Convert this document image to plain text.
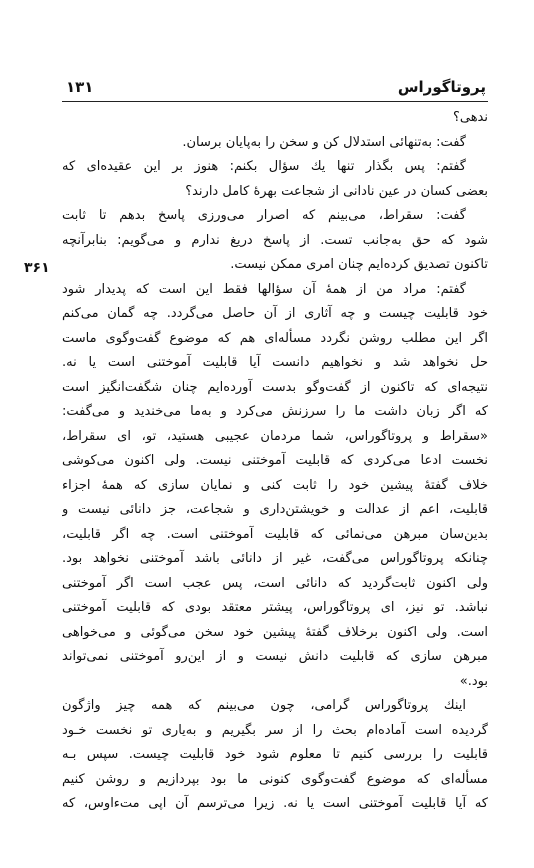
پروتاگوراس
۱۳۱
۳۶۱
ندهی؟
گفت: به‌تنهائی استدلال کن و سخن را به‌پایان برسان.
گفتم: پس بگذار تنها یك سؤال بکنم: هنوز بر این عقیده‌ای که
بعضی کسان در عین نادانی از شجاعت بهرهٔ کامل دارند؟
گفت: سقراط، می‌بینم که اصرار می‌ورزی پاسخ بدهم تا ثابت
شود که حق به‌جانب تست. از پاسخ دریغ ندارم و می‌گویم: بنابرآنچه
تاکنون تصدیق کرده‌ایم چنان امری ممکن نیست.
گفتم: مراد من از همهٔ آن سؤالها فقط این است که پدیدار شود
خود قابلیت چیست و چه آثاری از آن حاصل می‌گردد. چه گمان می‌کنم
اگر این مطلب روشن نگردد مسأله‌ای هم که موضوع گفت‌وگوی ماست
حل نخواهد شد و نخواهیم دانست آیا قابلیت آموختنی است یا نه.
نتیجه‌ای که تاکنون از گفت‌وگو بدست آورده‌ایم چنان شگفت‌انگیز است
که اگر زبان داشت ما را سرزنش می‌کرد و به‌ما می‌خندید و می‌گفت:
«سقراط و پروتاگوراس، شما مردمان عجیبی هستید، تو، ای سقراط،
نخست ادعا می‌کردی که قابلیت آموختنی نیست. ولی اکنون می‌کوشی
خلاف گفتهٔ پیشین خود را ثابت کنی و نمایان سازی که همهٔ اجزاء
قابلیت، اعم از عدالت و خویشتن‌داری و شجاعت، جز دانائی نیست و
بدین‌سان مبرهن می‌نمائی که قابلیت آموختنی است. چه اگر قابلیت،
چنانکه پروتاگوراس می‌گفت، غیر از دانائی باشد آموختنی نخواهد بود.
ولی اکنون ثابت‌گردید که دانائی است، پس عجب است اگر آموختنی
نباشد. تو نیز، ای پروتاگوراس، پیشتر معتقد بودی که قابلیت آموختنی
است. ولی اکنون برخلاف گفتهٔ پیشین خود سخن می‌گوئی و می‌خواهی
مبرهن سازی که قابلیت دانش نیست و از این‌رو آموختنی نمی‌تواند
بود.»
اینك پروتاگوراس گرامی، چون می‌بینم که همه چیز واژگون
گردیده است آماده‌ام بحث را از سر بگیریم و به‌یاری تو نخست خـود
قابلیت را بررسی کنیم تا معلوم شود خود قابلیت چیست. سپس بـه
مسأله‌ای که موضوع گفت‌وگوی کنونی ما بود بپردازیم و روشن کنیم
که آیا قابلیت آموختنی است یا نه. زیرا می‌ترسم آن اپی متءاوس، که
